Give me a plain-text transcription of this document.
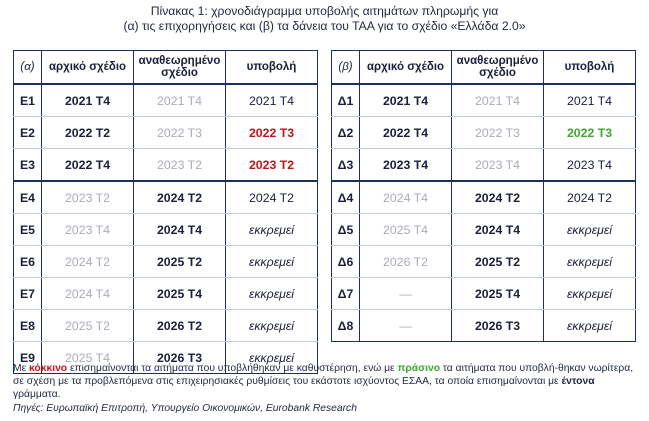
Πίνακας 1: χρονοδιάγραμμα υποβολής αιτημάτων πληρωμής για
(α) τις επιχορηγήσεις και (β) τα δάνεια του ΤΑΑ για το σχέδιο «Ελλάδα 2.0»
(α)	αρχικό σχέδιο	αναθεωρημένο σχέδιο	υποβολή
Ε1	2021 Τ4	2021 Τ4	2021 Τ4
Ε2	2022 Τ2	2022 Τ3	2022 Τ3
Ε3	2022 Τ4	2023 Τ2	2023 Τ2
Ε4	2023 Τ2	2024 Τ2	2024 Τ2
Ε5	2023 Τ4	2024 Τ4	εκκρεμεί
Ε6	2024 Τ2	2025 Τ2	εκκρεμεί
Ε7	2024 Τ4	2025 Τ4	εκκρεμεί
Ε8	2025 Τ2	2026 Τ2	εκκρεμεί
Ε9	2025 Τ4	2026 Τ3	εκκρεμεί
(β)	αρχικό σχέδιο	αναθεωρημένο σχέδιο	υποβολή
Δ1	2021 Τ4	2021 Τ4	2021 Τ4
Δ2	2022 Τ4	2022 Τ3	2022 Τ3
Δ3	2023 Τ4	2023 Τ4	2023 Τ4
Δ4	2024 Τ4	2024 Τ2	2024 Τ2
Δ5	2025 Τ4	2024 Τ4	εκκρεμεί
Δ6	2026 Τ2	2025 Τ2	εκκρεμεί
Δ7	—	2025 Τ4	εκκρεμεί
Δ8	—	2026 Τ3	εκκρεμεί
Με κόκκινο επισημαίνονται τα αιτήματα που υποβλήθηκαν με καθυστέρηση, ενώ με πράσινο τα αιτήματα που υποβλή-θηκαν νωρίτερα, σε σχέση με τα προβλεπόμενα στις επιχειρησιακές ρυθμίσεις του εκάστοτε ισχύοντος ΕΣΑΑ, τα οποία επισημαίνονται με έντονα γράμματα.
Πηγές: Ευρωπαϊκή Επιτροπή, Υπουργείο Οικονομικών, Eurobank Research
